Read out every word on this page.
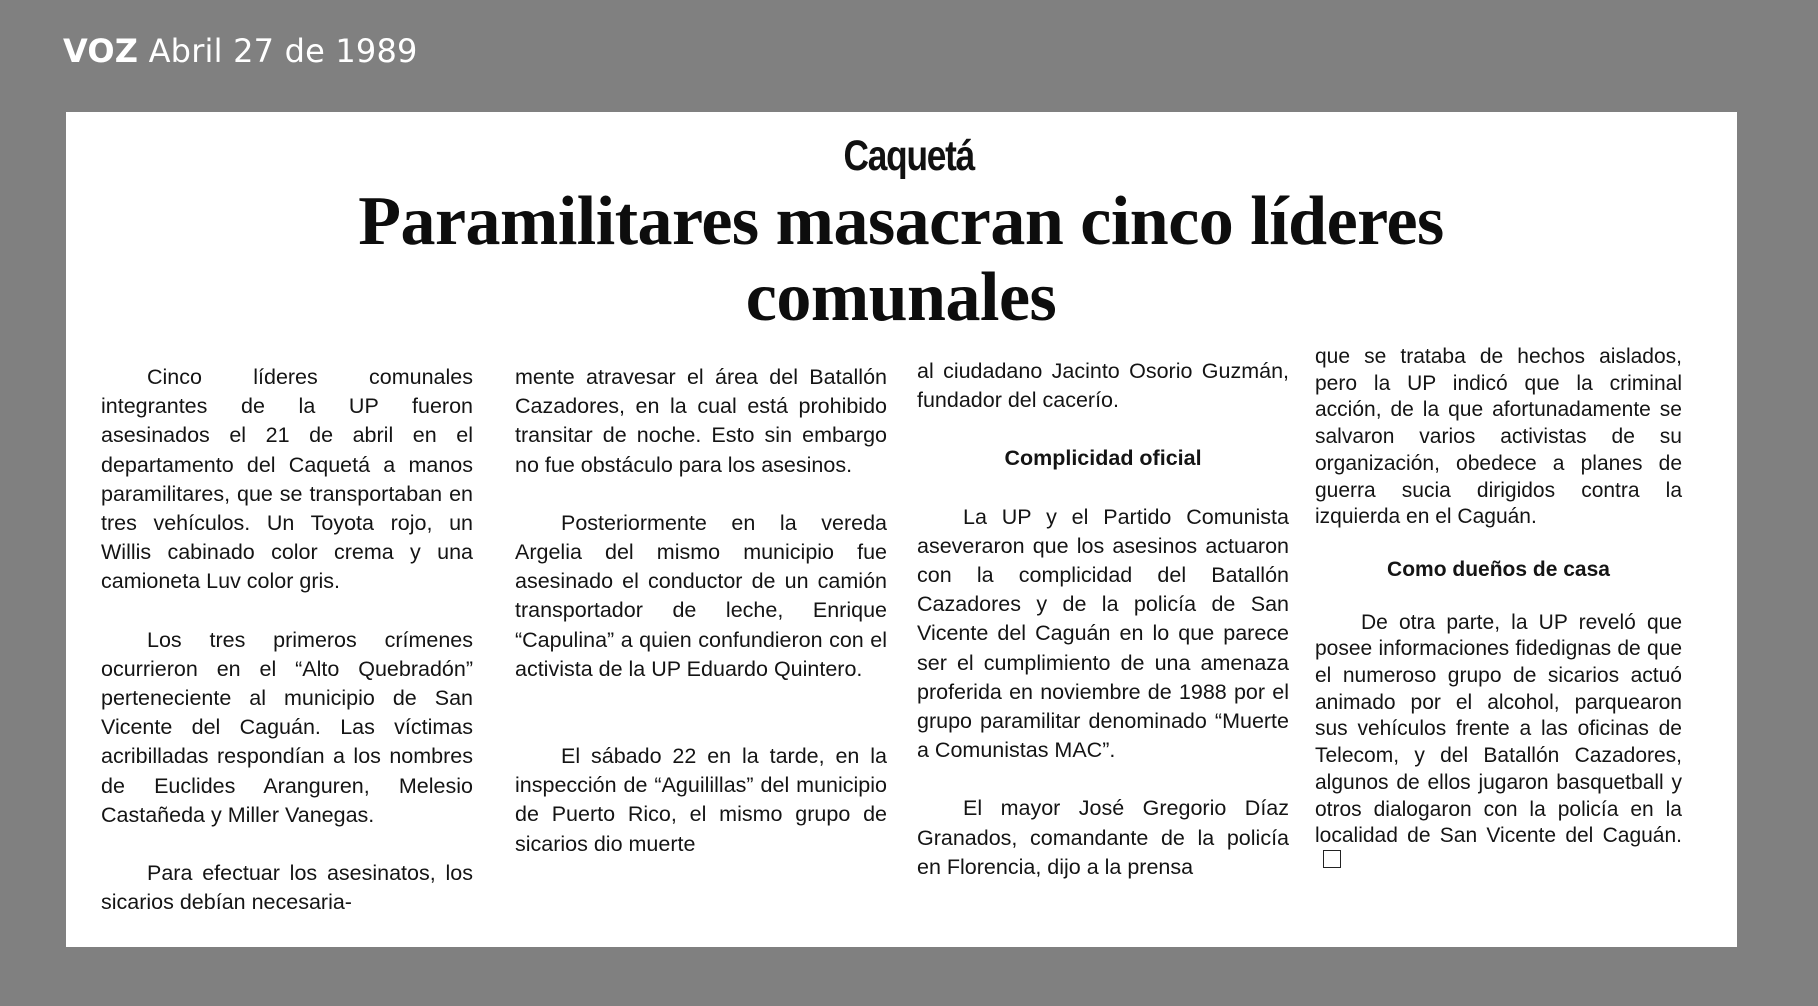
VOZ Abril 27 de 1989
Caquetá
Paramilitares masacran cinco líderes
comunales

Cinco líderes comunales integrantes de la UP fueron asesinados el 21 de abril en el departamento del Caquetá a manos paramilitares, que se transportaban en tres vehículos. Un Toyota rojo, un Willis cabinado color crema y una camioneta Luv color gris.

Los tres primeros crímenes ocurrieron en el “Alto Quebradón” perteneciente al municipio de San Vicente del Caguán. Las víctimas acribilladas respondían a los nombres de Euclides Aranguren, Melesio Castañeda y Miller Vanegas.

Para efectuar los asesinatos, los sicarios debían necesaria-

mente atravesar el área del Batallón Cazadores, en la cual está prohibido transitar de noche. Esto sin embargo no fue obstáculo para los asesinos.

Posteriormente en la vereda Argelia del mismo municipio fue asesinado el conductor de un camión transportador de leche, Enrique “Capulina” a quien confundieron con el activista de la UP Eduardo Quintero.

El sábado 22 en la tarde, en la inspección de “Aguilillas” del municipio de Puerto Rico, el mismo grupo de sicarios dio muerte

al ciudadano Jacinto Osorio Guzmán, fundador del cacerío.

Complicidad oficial

La UP y el Partido Comunista aseveraron que los asesinos actuaron con la complicidad del Batallón Cazadores y de la policía de San Vicente del Caguán en lo que parece ser el cumplimiento de una amenaza proferida en noviembre de 1988 por el grupo paramilitar denominado “Muerte a Comunistas MAC”.

El mayor José Gregorio Díaz Granados, comandante de la policía en Florencia, dijo a la prensa

que se trataba de hechos aislados, pero la UP indicó que la criminal acción, de la que afortunadamente se salvaron varios activistas de su organización, obedece a planes de guerra sucia dirigidos contra la izquierda en el Caguán.

Como dueños de casa

De otra parte, la UP reveló que posee informaciones fidedignas de que el numeroso grupo de sicarios actuó animado por el alcohol, parquearon sus vehículos frente a las oficinas de Telecom, y del Batallón Cazadores, algunos de ellos jugaron basquetball y otros dialogaron con la policía en la localidad de San Vicente del Caguán.
